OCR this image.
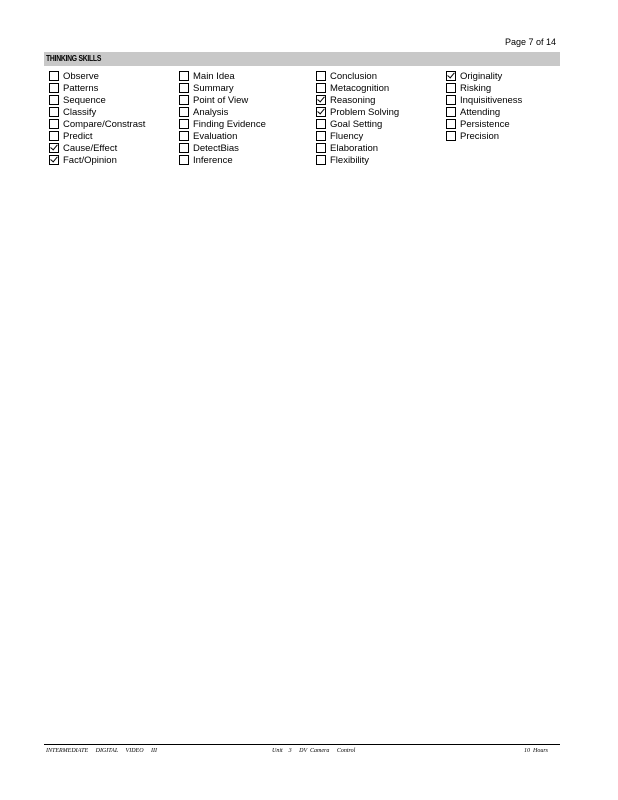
Page 7 of 14
THINKING SKILLS
Observe
Patterns
Sequence
Classify
Compare/Constrast
Predict
Cause/Effect
Fact/Opinion
Main Idea
Summary
Point of View
Analysis
Finding Evidence
Evaluation
DetectBias
Inference
Conclusion
Metacognition
Reasoning
Problem Solving
Goal Setting
Fluency
Elaboration
Flexibility
Originality
Risking
Inquisitiveness
Attending
Persistence
Precision
INTERMEDIATE     DIGITAL     VIDEO     III	Unit    3     DV  Camera     Control	10  Hours
